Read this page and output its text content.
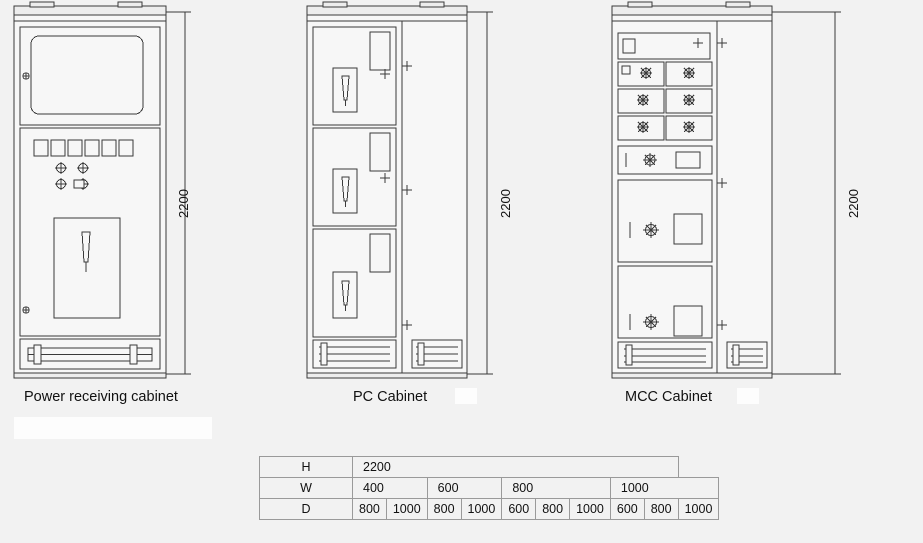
Power receiving cabinet	PC Cabinet	MCC Cabinet
2200	2200	2200
H	2200									
W	400		600		800			1000		
D	800	1000	800	1000	600	800	1000	600	800	1000
